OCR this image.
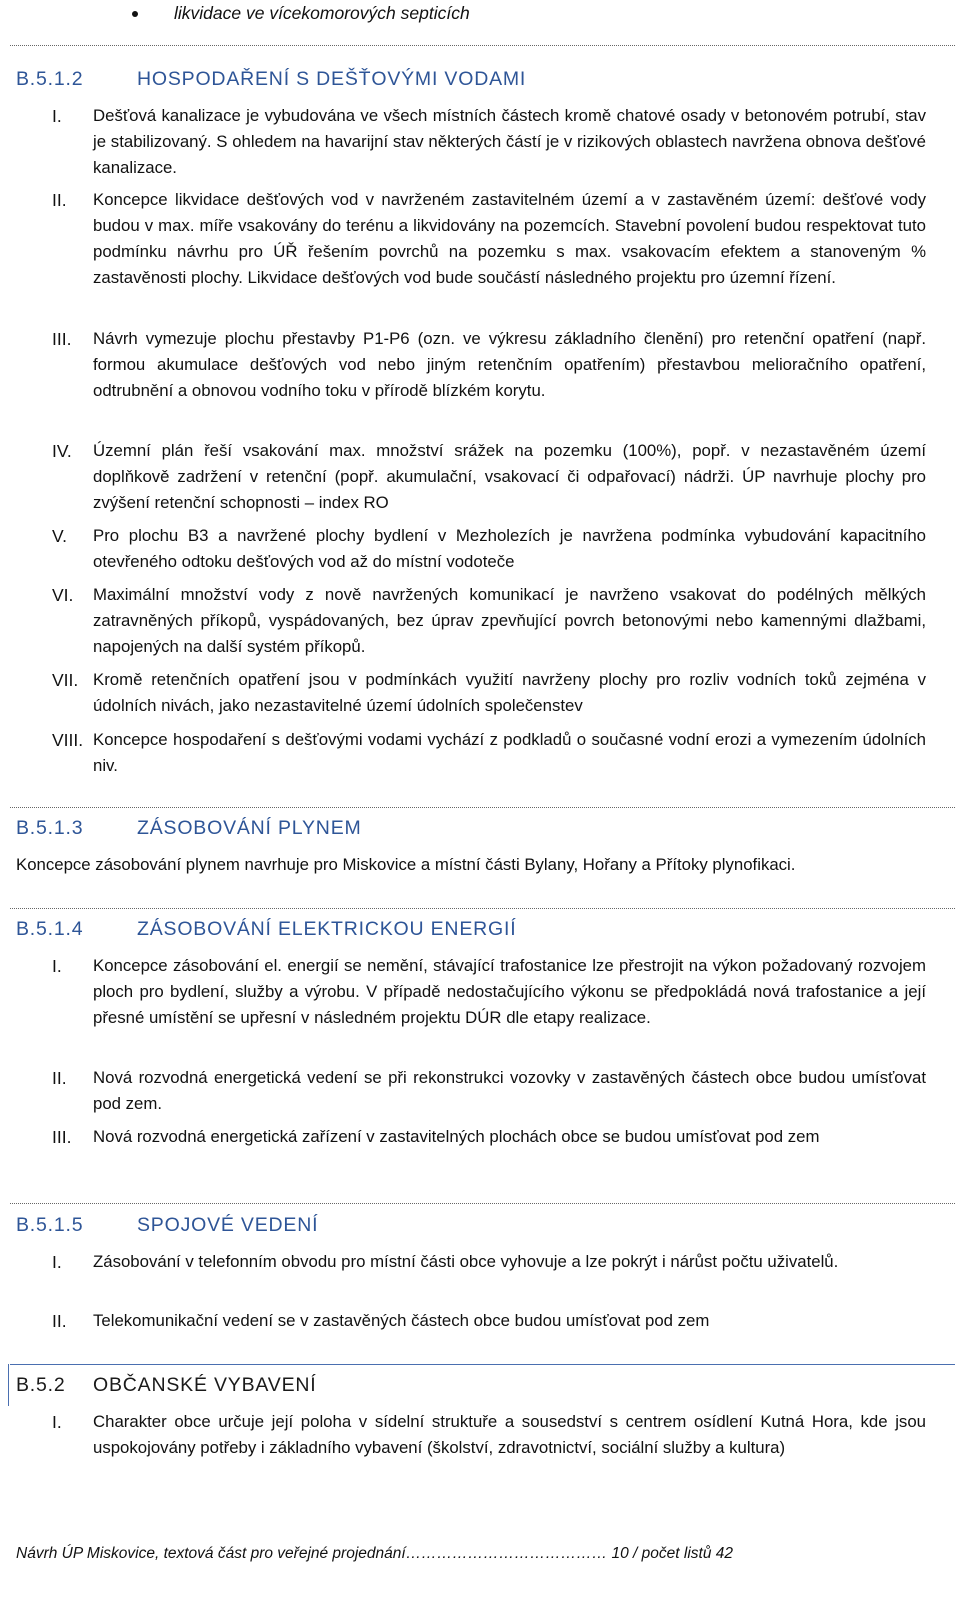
likvidace ve vícekomorových septicích
B.5.1.2	HOSPODAŘENÍ S DEŠŤOVÝMI VODAMI
I.	Dešťová kanalizace je vybudována ve všech místních částech kromě chatové osady v betonovém potrubí, stav je stabilizovaný. S ohledem na havarijní stav některých částí je v rizikových oblastech navržena obnova dešťové kanalizace.
II.	Koncepce likvidace dešťových vod v navrženém zastavitelném území a v zastavěném území: dešťové vody budou v max. míře vsakovány do terénu a likvidovány na pozemcích. Stavební povolení budou respektovat tuto podmínku návrhu pro ÚŘ řešením povrchů na pozemku s max. vsakovacím efektem a stanoveným % zastavěnosti plochy. Likvidace dešťových vod bude součástí následného projektu pro územní řízení.
III.	Návrh vymezuje plochu přestavby P1-P6 (ozn. ve výkresu základního členění) pro retenční opatření (např. formou akumulace dešťových vod nebo jiným retenčním opatřením) přestavbou melioračního opatření, odtrubnění a obnovou vodního toku v přírodě blízkém korytu.
IV.	Územní plán řeší vsakování max. množství srážek na pozemku (100%), popř. v nezastavěném území doplňkově zadržení v retenční (popř. akumulační, vsakovací či odpařovací) nádrži. ÚP navrhuje plochy pro zvýšení retenční schopnosti – index RO
V.	Pro plochu B3 a navržené plochy bydlení v Mezholezích je navržena podmínka vybudování kapacitního otevřeného odtoku dešťových vod až do místní vodoteče
VI.	Maximální množství vody z nově navržených komunikací je navrženo vsakovat do podélných mělkých zatravněných příkopů, vyspádovaných, bez úprav zpevňující povrch betonovými nebo kamennými dlažbami, napojených na další systém příkopů.
VII. Kromě retenčních opatření jsou v podmínkách využití navrženy plochy pro rozliv vodních toků zejména v údolních nivách, jako nezastavitelné území údolních společenstev
VIII. Koncepce hospodaření s dešťovými vodami vychází z podkladů o současné vodní erozi a vymezením údolních niv.
B.5.1.3	ZÁSOBOVÁNÍ PLYNEM
Koncepce zásobování plynem navrhuje pro Miskovice a místní části Bylany, Hořany a Přítoky plynofikaci.
B.5.1.4	ZÁSOBOVÁNÍ ELEKTRICKOU ENERGIÍ
I.	Koncepce zásobování el. energií se nemění, stávající trafostanice lze přestrojit na výkon požadovaný rozvojem ploch pro bydlení, služby a výrobu. V případě nedostačujícího výkonu se předpokládá nová trafostanice a její přesné umístění se upřesní v následném projektu DÚR dle etapy realizace.
II.	Nová rozvodná energetická vedení se při rekonstrukci vozovky v zastavěných částech obce budou umísťovat pod zem.
III.	Nová rozvodná energetická zařízení v zastavitelných plochách obce se budou umísťovat pod zem
B.5.1.5	SPOJOVÉ VEDENÍ
I.	Zásobování v telefonním obvodu pro místní části obce vyhovuje a lze pokrýt i nárůst počtu uživatelů.
II.	Telekomunikační vedení se v zastavěných částech obce budou umísťovat pod zem
B.5.2 OBČANSKÉ VYBAVENÍ
I.	Charakter obce určuje její poloha v sídelní struktuře a sousedství s centrem osídlení Kutná Hora, kde jsou uspokojovány potřeby i základního vybavení (školství, zdravotnictví, sociální služby a kultura)
Návrh ÚP Miskovice, textová část pro veřejné projednání………………………………… 10 / počet listů 42
